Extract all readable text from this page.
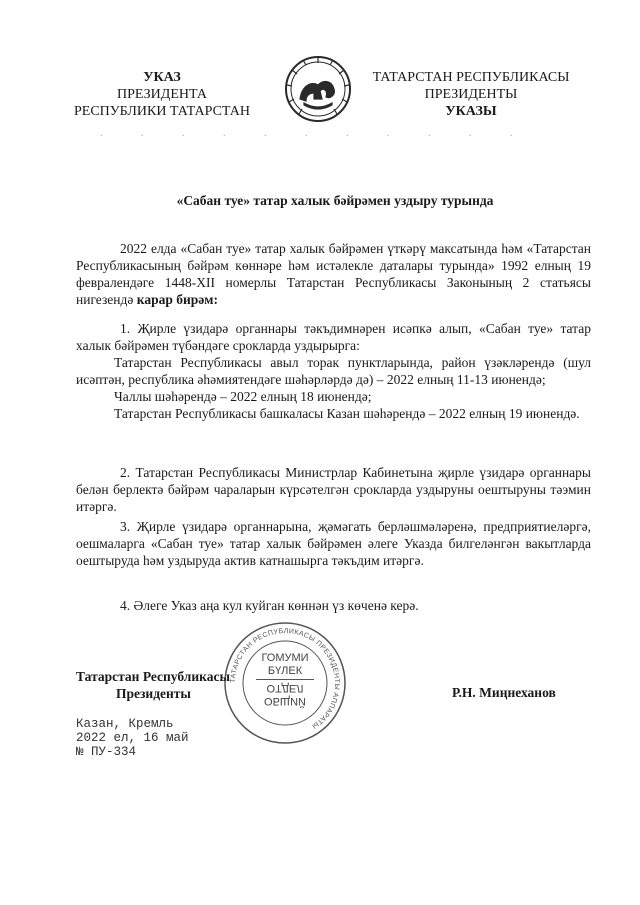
УКАЗ
ПРЕЗИДЕНТА
РЕСПУБЛИКИ ТАТАРСТАН
ТАТАРСТАН РЕСПУБЛИКАСЫ
ПРЕЗИДЕНТЫ
УКАЗЫ
. . . . . . . . . . .
«Сабан туе» татар халык бәйрәмен уздыру турында

2022 елда «Сабан туе» татар халык бәйрәмен үткәрү максатында һәм «Татарстан Республикасының бәйрәм көннәре һәм истәлекле даталары турында» 1992 елның 19 февралендәге 1448-XII номерлы Татарстан Республикасы Законының 2 статьясы нигезендә карар бирәм:

1. Җирле үзидарә органнары тәкъдимнәрен исәпкә алып, «Сабан туе» татар халык бәйрәмен түбәндәге срокларда уздырырга:

Татарстан Республикасы авыл торак пунктларында, район үзәкләрендә (шул исәптән, республика әһәмиятендәге шәһәрләрдә дә) – 2022 елның 11-13 июнендә;

Чаллы шәһәрендә – 2022 елның 18 июнендә;

Татарстан Республикасы башкаласы Казан шәһәрендә – 2022 елның 19 июнендә.

2. Татарстан Республикасы Министрлар Кабинетына җирле үзидарә органнары белән берлектә бәйрәм чараларын күрсәтелгән срокларда уздыруны оештыруны тәэмин итәргә.

3. Җирле үзидарә органнарына, җәмәгать берләшмәләренә, предприятиеләргә, оешмаларга «Сабан туе» татар халык бәйрәмен әлеге Указда билгеләнгән вакытларда оештыруда һәм уздыруда актив катнашырга тәкъдим итәргә.

4. Әлеге Указ аңа кул куйган көннән үз көченә керә.

ТАТАРСТАН РЕСПУБЛИКАСЫ ПРЕЗИДЕНТЫ АППАРАТЫ
ГОМУМИ
БҮЛЕК
ОТДЕЛ
ОБЩИЙ
Татарстан Республикасы
Президенты	Р.Н. Миңнеханов
Казан, Кремль
2022 ел, 16 май
№ ПУ-334
